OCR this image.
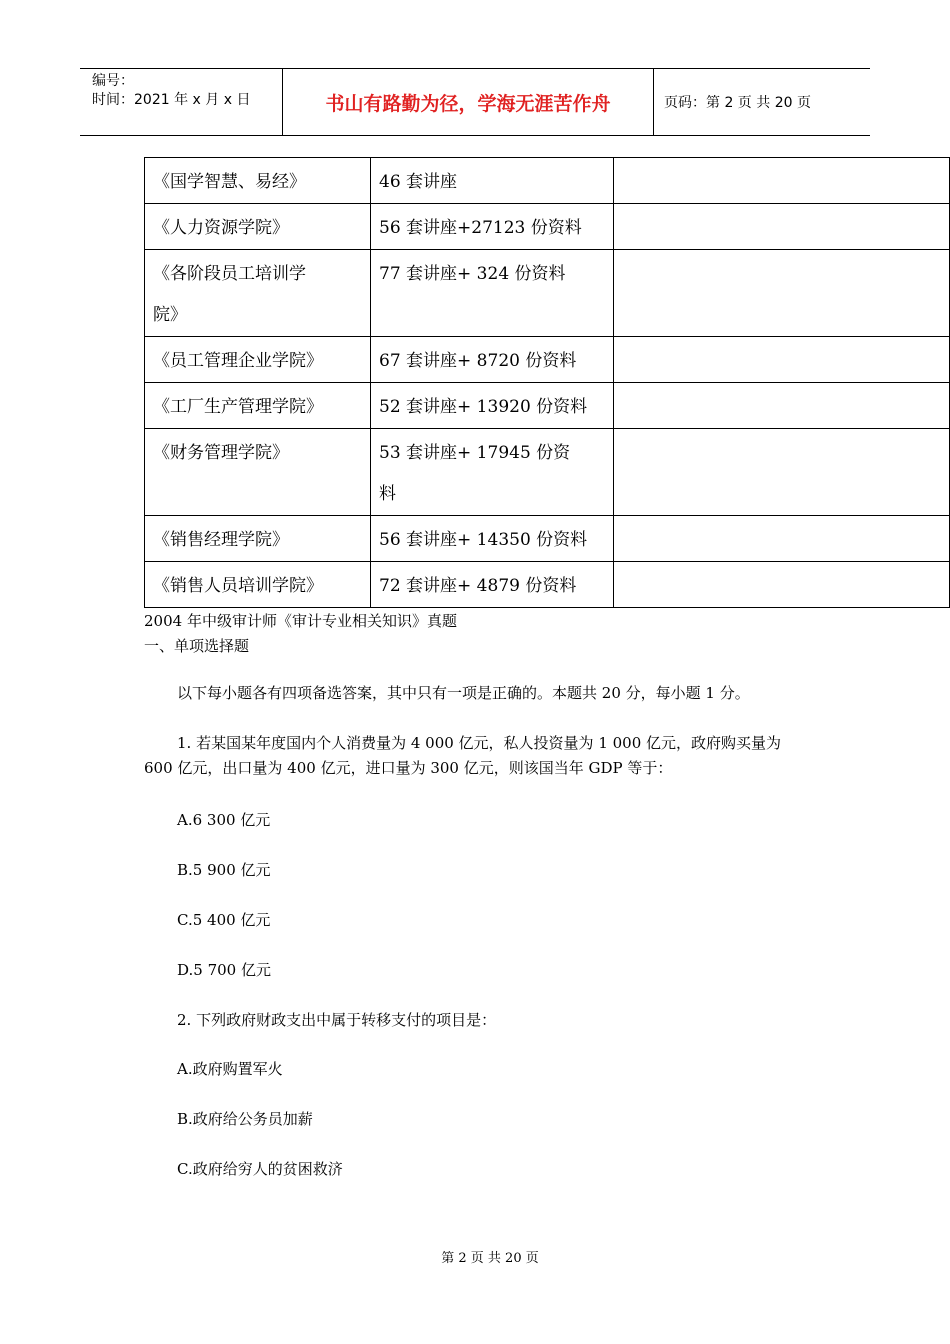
编号：
时间：2021 年 x 月 x 日	书山有路勤为径，学海无涯苦作舟	页码：第 2 页 共 20 页
《国学智慧、易经》	46 套讲座	
《人力资源学院》	56 套讲座+27123 份资料	

《各阶段员工培训学
院》	77 套讲座+ 324 份资料	
《员工管理企业学院》	67 套讲座+ 8720 份资料	
《工厂生产管理学院》	52 套讲座+ 13920 份资料	
《财务管理学院》	53 套讲座+ 17945 份资
料	

《销售经理学院》	56 套讲座+ 14350 份资料	
《销售人员培训学院》	72 套讲座+ 4879 份资料	
2004 年中级审计师《审计专业相关知识》真题
一、单项选择题
以下每小题各有四项备选答案，其中只有一项是正确的。本题共 20 分，每小题 1 分。
1. 若某国某年度国内个人消费量为 4 000 亿元，私人投资量为 1 000 亿元，政府购买量为 600 亿元，出口量为 400 亿元，进口量为 300 亿元，则该国当年 GDP 等于：
A.6 300 亿元
B.5 900 亿元
C.5 400 亿元
D.5 700 亿元
2. 下列政府财政支出中属于转移支付的项目是：
A.政府购置军火
B.政府给公务员加薪
C.政府给穷人的贫困救济
第 2 页 共 20 页
